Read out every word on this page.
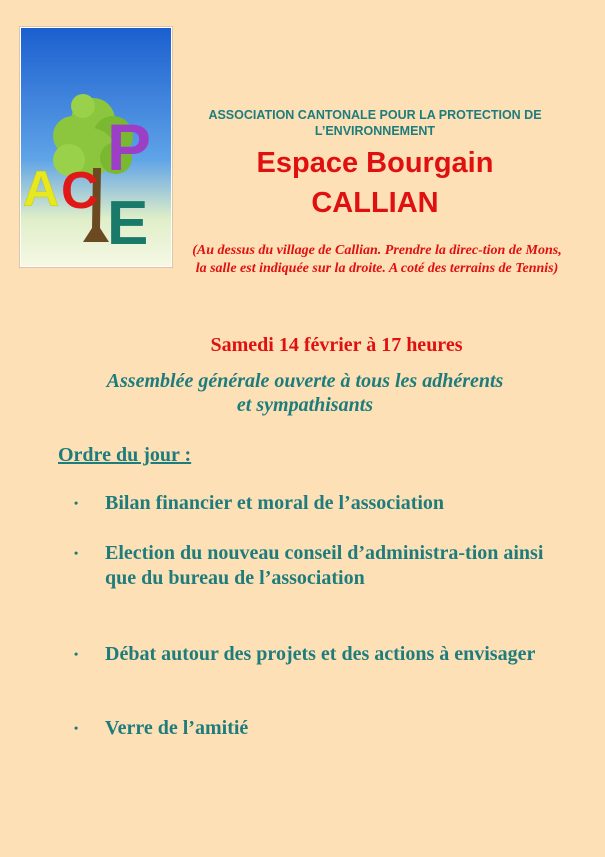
A C
P
E
ASSOCIATION CANTONALE POUR LA PROTECTION DE L’ENVIRONNEMENT
Espace Bourgain
CALLIAN
(Au dessus du village de Callian. Prendre la direc-tion de Mons, la salle est indiquée sur la droite. A coté des terrains de Tennis)
Samedi 14 février à 17 heures
Assemblée générale ouverte à tous les adhérents et sympathisants
Ordre du jour :
• Bilan financier et moral de l’association
• Election du nouveau conseil d’administra-tion ainsi que du bureau de l’association
• Débat autour des projets et des actions à envisager
• Verre de l’amitié
